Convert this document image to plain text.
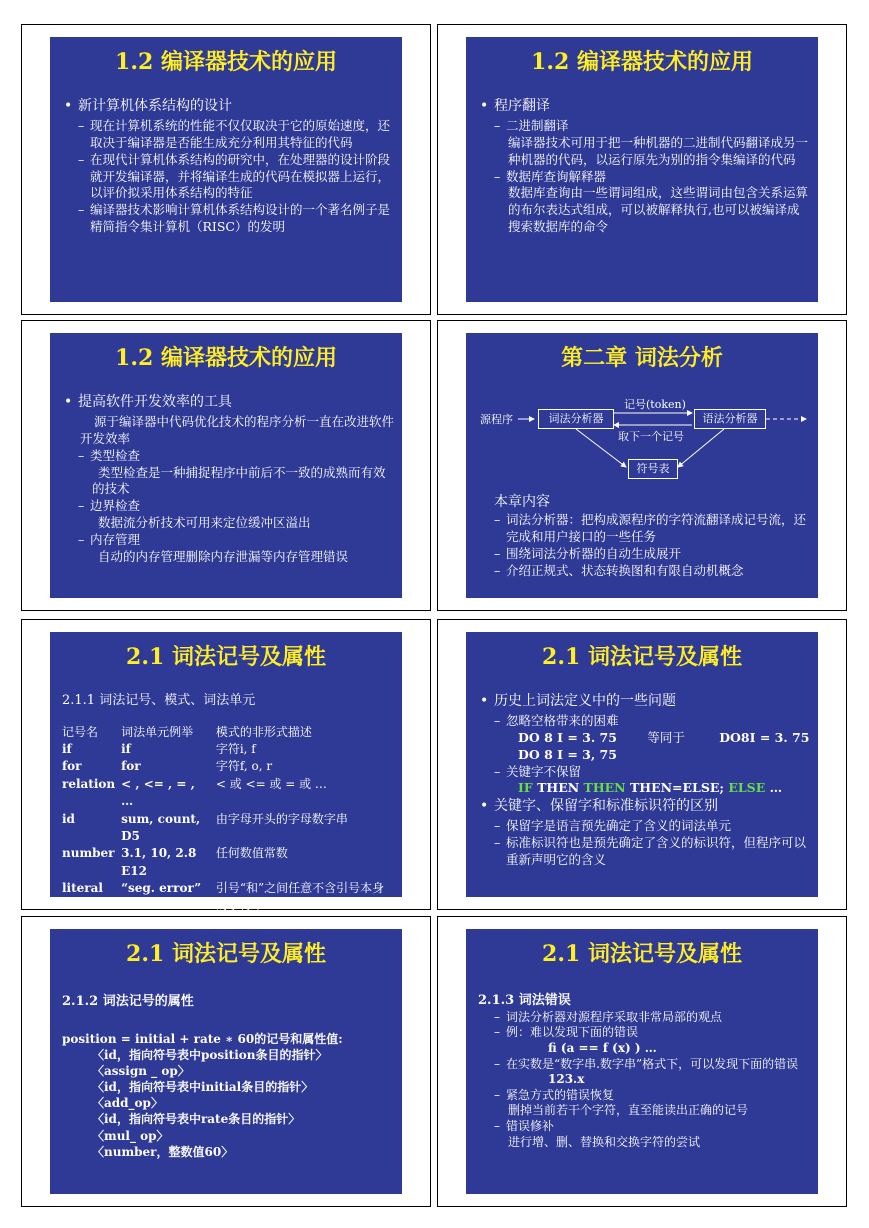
1.2 编译器技术的应用
• 新计算机体系结构的设计
– 现在计算机系统的性能不仅仅取决于它的原始速度，还取决于编译器是否能生成充分利用其特征的代码
– 在现代计算机体系结构的研究中，在处理器的设计阶段就开发编译器，并将编译生成的代码在模拟器上运行，以评价拟采用体系结构的特征
– 编译器技术影响计算机体系结构设计的一个著名例子是精简指令集计算机（RISC）的发明
1.2 编译器技术的应用
• 程序翻译
– 二进制翻译
编译器技术可用于把一种机器的二进制代码翻译成另一种机器的代码，以运行原先为别的指令集编译的代码
– 数据库查询解释器
数据库查询由一些谓词组成，这些谓词由包含关系运算的布尔表达式组成，可以被解释执行,也可以被编译成搜索数据库的命令
1.2 编译器技术的应用
• 提高软件开发效率的工具
源于编译器中代码优化技术的程序分析一直在改进软件开发效率
– 类型检查
类型检查是一种捕捉程序中前后不一致的成熟而有效的技术
– 边界检查
数据流分析技术可用来定位缓冲区溢出
– 内存管理
自动的内存管理删除内存泄漏等内存管理错误
第二章 词法分析
源程序	词法分析器
记号(token)
语法分析器
取下一个记号
符号表
本章内容
– 词法分析器：把构成源程序的字符流翻译成记号流，还完成和用户接口的一些任务
– 围绕词法分析器的自动生成展开
– 介绍正规式、状态转换图和有限自动机概念
2.1 词法记号及属性
2.1.1 词法记号、模式、词法单元
记号名	词法单元例举	模式的非形式描述
if	if	字符i, f
for	for	字符f, o, r
relation	< , <= , = , …	< 或 <= 或 = 或 …
id	sum, count, D5	由字母开头的字母数字串
number	3.1, 10, 2.8 E12	任何数值常数
literal	“seg. error”	引号“和”之间任意不含引号本身的字符串
2.1 词法记号及属性
• 历史上词法定义中的一些问题
– 忽略空格带来的困难
DO 8 I = 3. 75 等同于	DO8I = 3. 75
DO 8 I = 3, 75
– 关键字不保留
IF THEN THEN THEN=ELSE; ELSE …
• 关键字、保留字和标准标识符的区别
– 保留字是语言预先确定了含义的词法单元
– 标准标识符也是预先确定了含义的标识符，但程序可以重新声明它的含义
2.1 词法记号及属性
2.1.2 词法记号的属性
position = initial + rate ∗ 60的记号和属性值:
〈id，指向符号表中position条目的指针〉
〈assign _ op〉
〈id，指向符号表中initial条目的指针〉
〈add_op〉
〈id，指向符号表中rate条目的指针〉
〈mul_ op〉
〈number，整数值60〉
2.1 词法记号及属性
2.1.3 词法错误
– 词法分析器对源程序采取非常局部的观点
– 例：难以发现下面的错误
fi (a == f (x) ) …
– 在实数是“数字串.数字串”格式下，可以发现下面的错误
123.x
– 紧急方式的错误恢复
删掉当前若干个字符，直至能读出正确的记号
– 错误修补
进行增、删、替换和交换字符的尝试
